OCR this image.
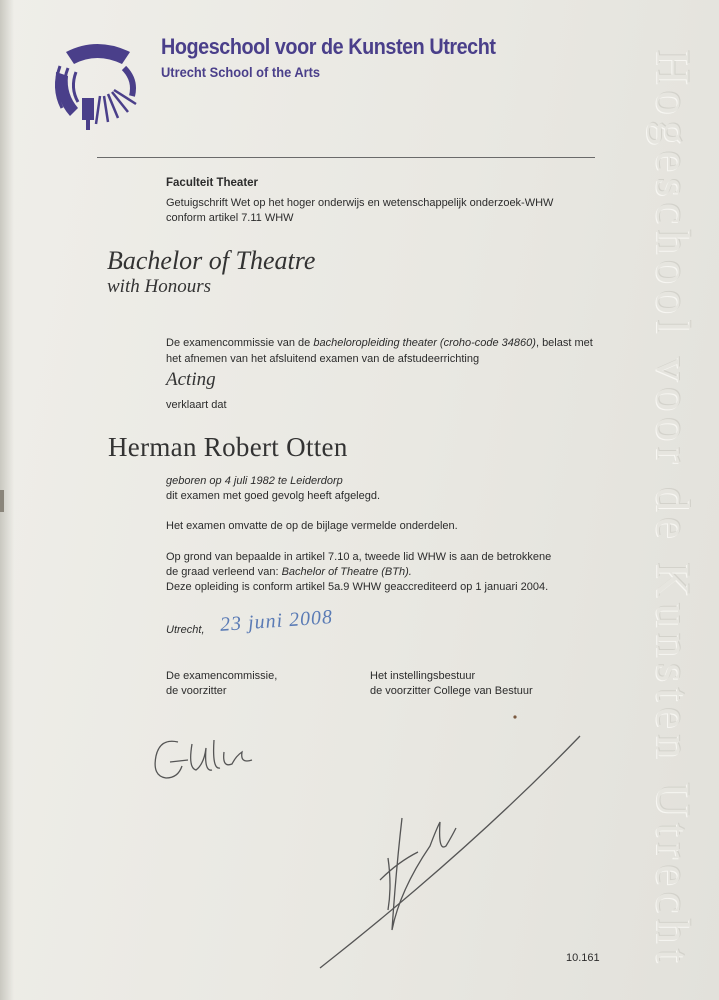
Hogeschool voor de Kunsten Utrecht
Hogeschool voor de Kunsten Utrecht
Utrecht School of the Arts
Faculteit Theater
Getuigschrift Wet op het hoger onderwijs en wetenschappelijk onderzoek-WHW
conform artikel 7.11 WHW
Bachelor of Theatre
with Honours
De examencommissie van de bacheloropleiding theater (croho-code 34860), belast met
het afnemen van het afsluitend examen van de afstudeerrichting
Acting
verklaart dat
Herman Robert Otten
geboren op 4 juli 1982 te Leiderdorp
dit examen met goed gevolg heeft afgelegd.
Het examen omvatte de op de bijlage vermelde onderdelen.
Op grond van bepaalde in artikel 7.10 a, tweede lid WHW is aan de betrokkene
de graad verleend van: Bachelor of Theatre (BTh).
Deze opleiding is conform artikel 5a.9 WHW geaccrediteerd op 1 januari 2004.
Utrecht, 23 juni 2008
De examencommissie,
de voorzitter
Het instellingsbestuur
de voorzitter College van Bestuur
10.161
